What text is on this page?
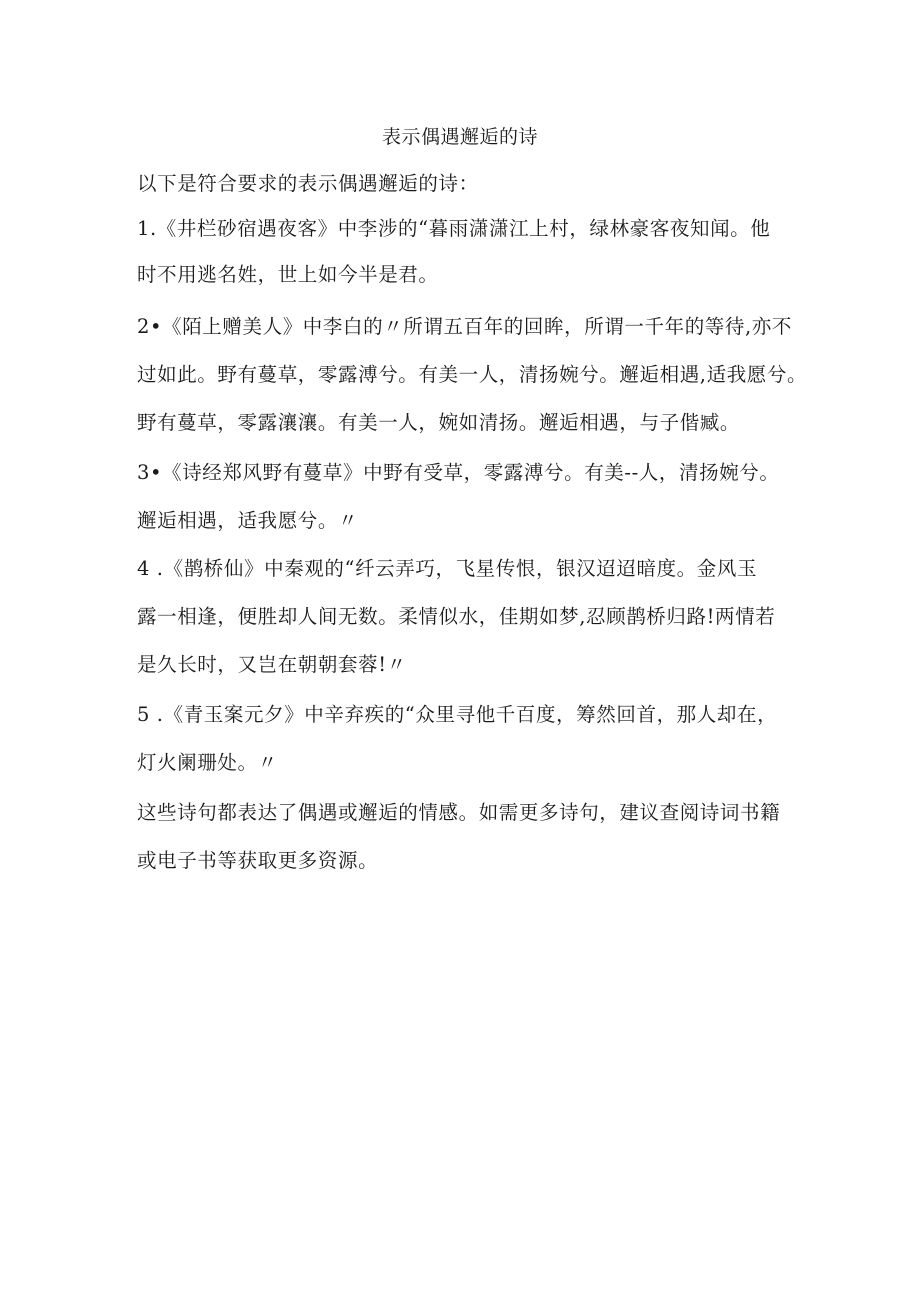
表示偶遇邂逅的诗
以下是符合要求的表示偶遇邂逅的诗：
1.《井栏砂宿遇夜客》中李涉的“暮雨潇潇江上村，绿林豪客夜知闻。他
时不用逃名姓，世上如今半是君。
2•《陌上赠美人》中李白的〃所谓五百年的回眸，所谓一千年的等待,亦不
过如此。野有蔓草，零露溥兮。有美一人，清扬婉兮。邂逅相遇,适我愿兮。
野有蔓草，零露瀼瀼。有美一人，婉如清扬。邂逅相遇，与子偕臧。
3•《诗经郑风野有蔓草》中野有受草，零露溥兮。有美--人，清扬婉兮。
邂逅相遇，适我愿兮。〃
4 .《鹊桥仙》中秦观的“纤云弄巧，飞星传恨，银汉迢迢暗度。金风玉
露一相逢，便胜却人间无数。柔情似水，佳期如梦,忍顾鹊桥归路!两情若
是久长时，又岂在朝朝套蓉!〃
5 .《青玉案元夕》中辛弃疾的“众里寻他千百度，筹然回首，那人却在，
灯火阑珊处。〃
这些诗句都表达了偶遇或邂逅的情感。如需更多诗句，建议查阅诗词书籍
或电子书等获取更多资源。
